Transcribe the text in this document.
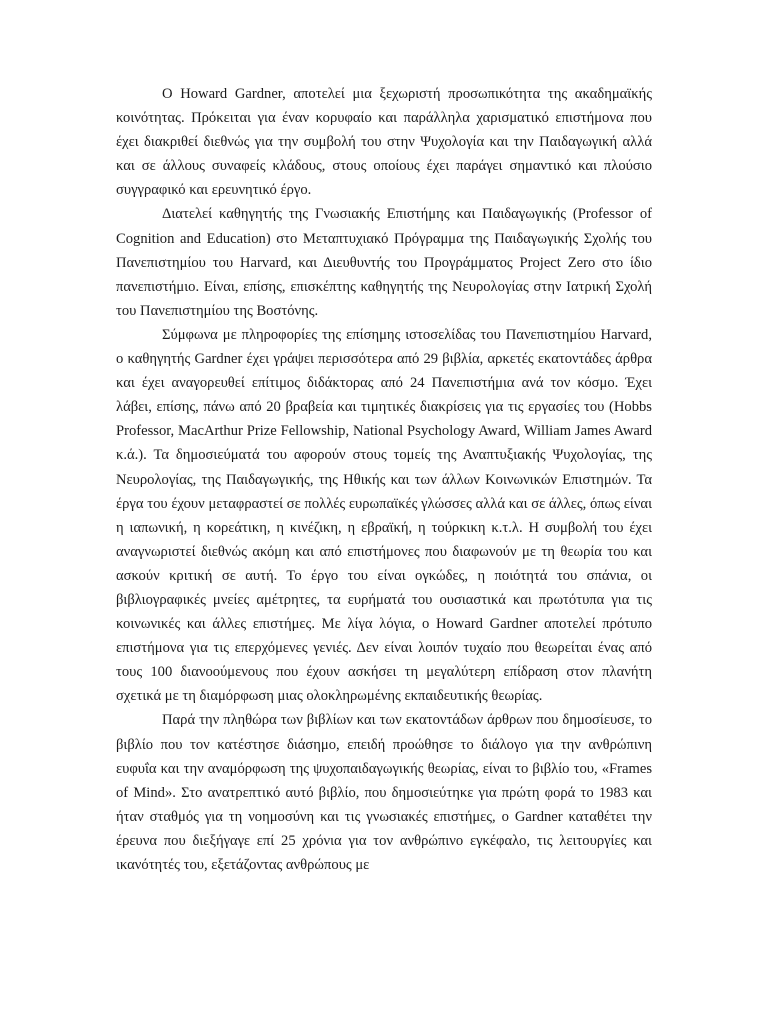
Ο Howard Gardner, αποτελεί μια ξεχωριστή προσωπικότητα της ακαδημαϊκής κοινότητας. Πρόκειται για έναν κορυφαίο και παράλληλα χαρισματικό επιστήμονα που έχει διακριθεί διεθνώς για την συμβολή του στην Ψυχολογία και την Παιδαγωγική αλλά και σε άλλους συναφείς κλάδους, στους οποίους έχει παράγει σημαντικό και πλούσιο συγγραφικό και ερευνητικό έργο.

Διατελεί καθηγητής της Γνωσιακής Επιστήμης και Παιδαγωγικής (Professor of Cognition and Education) στο Μεταπτυχιακό Πρόγραμμα της Παιδαγωγικής Σχολής του Πανεπιστημίου του Harvard, και Διευθυντής του Προγράμματος Project Zero στο ίδιο πανεπιστήμιο. Είναι, επίσης, επισκέπτης καθηγητής της Νευρολογίας στην Ιατρική Σχολή του Πανεπιστημίου της Βοστόνης.

Σύμφωνα με πληροφορίες της επίσημης ιστοσελίδας του Πανεπιστημίου Harvard, ο καθηγητής Gardner έχει γράψει περισσότερα από 29 βιβλία, αρκετές εκατοντάδες άρθρα και έχει αναγορευθεί επίτιμος διδάκτορας από 24 Πανεπιστήμια ανά τον κόσμο. Έχει λάβει, επίσης, πάνω από 20 βραβεία και τιμητικές διακρίσεις για τις εργασίες του (Hobbs Professor, MacArthur Prize Fellowship, National Psychology Award, William James Award κ.ά.). Τα δημοσιεύματά του αφορούν στους τομείς της Αναπτυξιακής Ψυχολογίας, της Νευρολογίας, της Παιδαγωγικής, της Ηθικής και των άλλων Κοινωνικών Επιστημών. Τα έργα του έχουν μεταφραστεί σε πολλές ευρωπαϊκές γλώσσες αλλά και σε άλλες, όπως είναι η ιαπωνική, η κορεάτικη, η κινέζικη, η εβραϊκή, η τούρκικη κ.τ.λ. Η συμβολή του έχει αναγνωριστεί διεθνώς ακόμη και από επιστήμονες που διαφωνούν με τη θεωρία του και ασκούν κριτική σε αυτή. Το έργο του είναι ογκώδες, η ποιότητά του σπάνια, οι βιβλιογραφικές μνείες αμέτρητες, τα ευρήματά του ουσιαστικά και πρωτότυπα για τις κοινωνικές και άλλες επιστήμες. Με λίγα λόγια, ο Howard Gardner αποτελεί πρότυπο επιστήμονα για τις επερχόμενες γενιές. Δεν είναι λοιπόν τυχαίο που θεωρείται ένας από τους 100 διανοούμενους που έχουν ασκήσει τη μεγαλύτερη επίδραση στον πλανήτη σχετικά με τη διαμόρφωση μιας ολοκληρωμένης εκπαιδευτικής θεωρίας.

Παρά την πληθώρα των βιβλίων και των εκατοντάδων άρθρων που δημοσίευσε, το βιβλίο που τον κατέστησε διάσημο, επειδή προώθησε το διάλογο για την ανθρώπινη ευφυΐα και την αναμόρφωση της ψυχοπαιδαγωγικής θεωρίας, είναι το βιβλίο του, «Frames of Mind». Στο ανατρεπτικό αυτό βιβλίο, που δημοσιεύτηκε για πρώτη φορά το 1983 και ήταν σταθμός για τη νοημοσύνη και τις γνωσιακές επιστήμες, ο Gardner καταθέτει την έρευνα που διεξήγαγε επί 25 χρόνια για τον ανθρώπινο εγκέφαλο, τις λειτουργίες και ικανότητές του, εξετάζοντας ανθρώπους με
